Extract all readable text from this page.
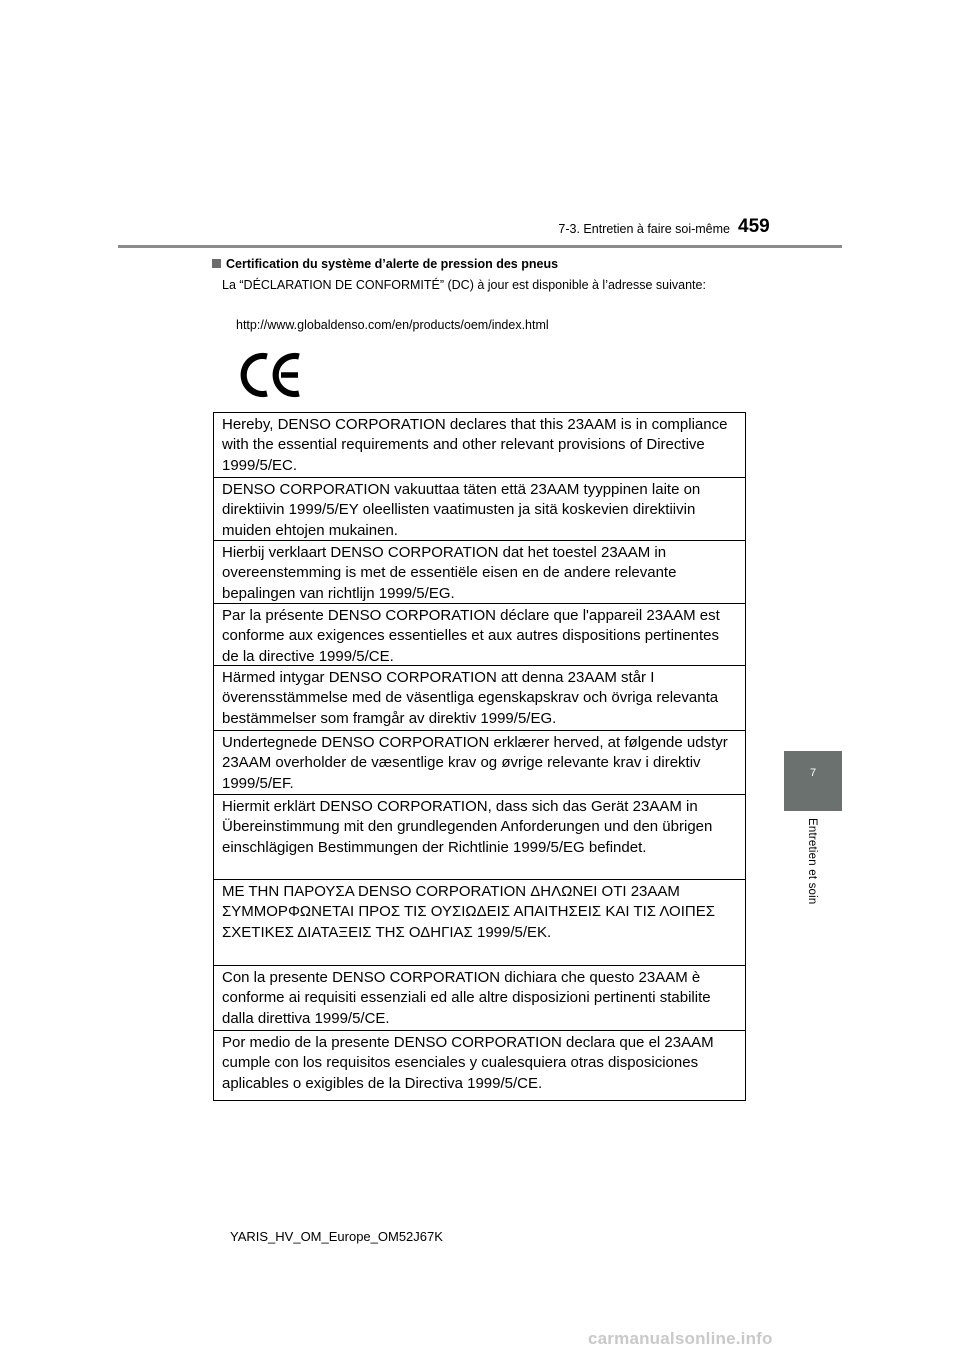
7-3. Entretien à faire soi-même 459
7
Entretien et soin
Certification du système d’alerte de pression des pneus
La “DÉCLARATION DE CONFORMITÉ” (DC) à jour est disponible à l’adresse suivante:
http://www.globaldenso.com/en/products/oem/index.html
Hereby, DENSO CORPORATION declares that this 23AAM is in compliance with the essential requirements and other relevant provisions of Directive 1999/5/EC.
DENSO CORPORATION vakuuttaa täten että 23AAM tyyppinen laite on direktiivin 1999/5/EY oleellisten vaatimusten ja sitä koskevien direktiivin muiden ehtojen mukainen.
Hierbij verklaart DENSO CORPORATION dat het toestel 23AAM in overeenstemming is met de essentiële eisen en de andere relevante bepalingen van richtlijn 1999/5/EG.
Par la présente DENSO CORPORATION déclare que l'appareil 23AAM est conforme aux exigences essentielles et aux autres dispositions pertinentes de la directive 1999/5/CE.
Härmed intygar DENSO CORPORATION att denna 23AAM står I överensstämmelse med de väsentliga egenskapskrav och övriga relevanta bestämmelser som framgår av direktiv 1999/5/EG.
Undertegnede DENSO CORPORATION erklærer herved, at følgende udstyr 23AAM overholder de væsentlige krav og øvrige relevante krav i direktiv 1999/5/EF.
Hiermit erklärt DENSO CORPORATION, dass sich das Gerät 23AAM in Übereinstimmung mit den grundlegenden Anforderungen und den übrigen einschlägigen Bestimmungen der Richtlinie 1999/5/EG befindet.
ΜΕ ΤΗΝ ΠΑΡΟΥΣΑ DENSO CORPORATION ΔΗΛΩΝΕΙ ΟΤΙ 23AAM ΣΥΜΜΟΡΦΩΝΕΤΑΙ ΠΡΟΣ ΤΙΣ ΟΥΣΙΩΔΕΙΣ ΑΠΑΙΤΗΣΕΙΣ ΚΑΙ ΤΙΣ ΛΟΙΠΕΣ ΣΧΕΤΙΚΕΣ ΔΙΑΤΑΞΕΙΣ ΤΗΣ ΟΔΗΓΙΑΣ 1999/5/ΕΚ.
Con la presente DENSO CORPORATION dichiara che questo 23AAM è conforme ai requisiti essenziali ed alle altre disposizioni pertinenti stabilite dalla direttiva 1999/5/CE.
Por medio de la presente DENSO CORPORATION declara que el 23AAM cumple con los requisitos esenciales y cualesquiera otras disposiciones aplicables o exigibles de la Directiva 1999/5/CE.
YARIS_HV_OM_Europe_OM52J67K
carmanualsonline.info
